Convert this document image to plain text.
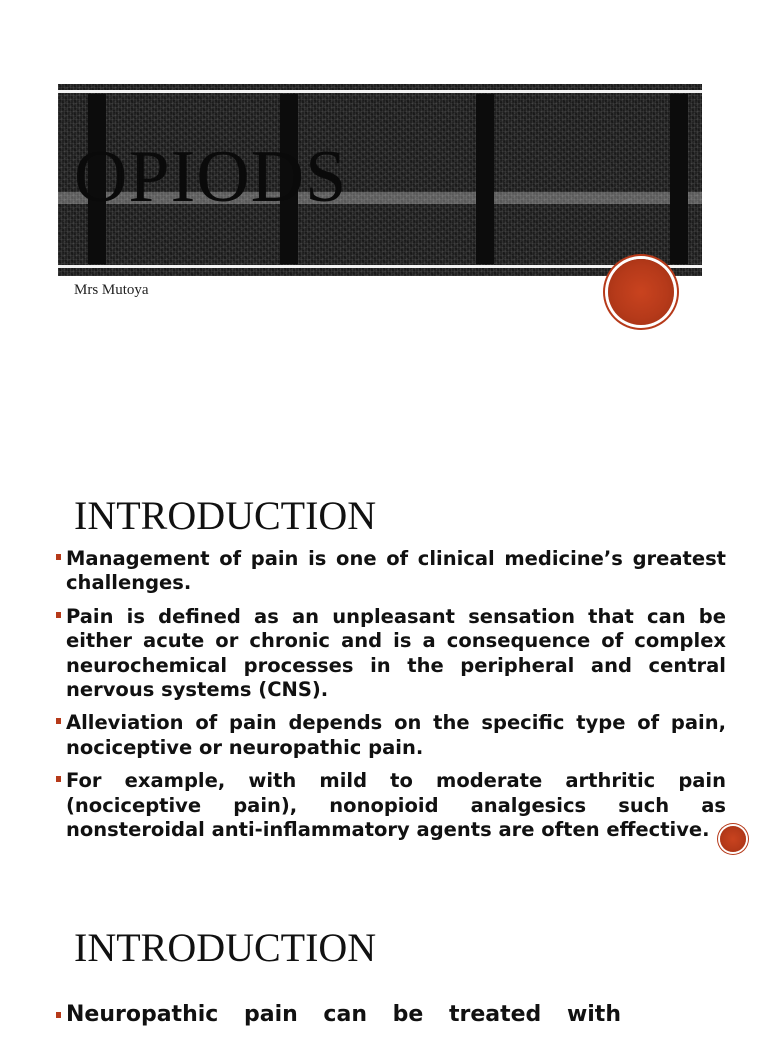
OPIODS
Mrs Mutoya
INTRODUCTION
Management of pain is one of clinical medicine’s greatest challenges.
Pain is defined as an unpleasant sensation that can be either acute or chronic and is a consequence of complex neurochemical processes in the peripheral and central nervous systems (CNS).
Alleviation of pain depends on the specific type of pain, nociceptive or neuropathic pain.
For example, with mild to moderate arthritic pain (nociceptive pain), nonopioid analgesics such as nonsteroidal anti-inflammatory agents are often effective.
INTRODUCTION
Neuropathic pain can be treated with
